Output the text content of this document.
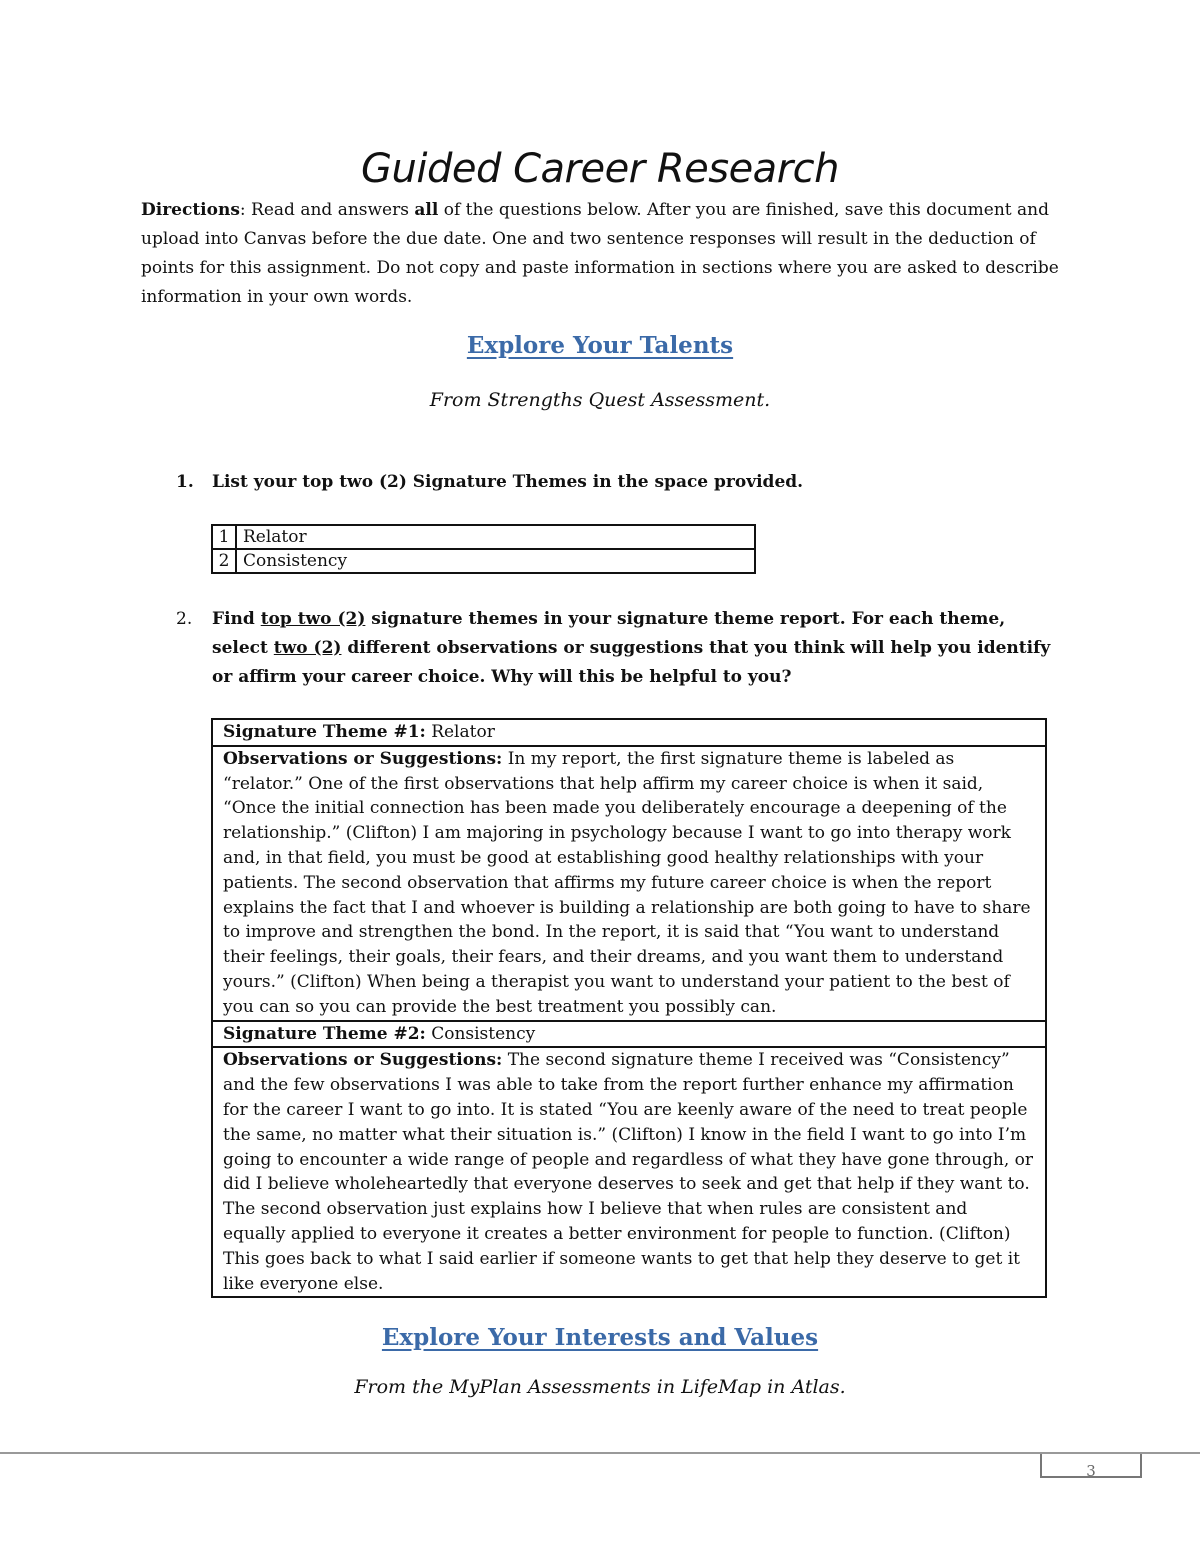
Guided Career Research
Directions: Read and answers all of the questions below. After you are finished, save this document and upload into Canvas before the due date. One and two sentence responses will result in the deduction of points for this assignment. Do not copy and paste information in sections where you are asked to describe information in your own words.
Explore Your Talents
From Strengths Quest Assessment.
1. List your top two (2) Signature Themes in the space provided.
1	Relator
2	Consistency
2. Find top two (2) signature themes in your signature theme report. For each theme, select two (2) different observations or suggestions that you think will help you identify or affirm your career choice. Why will this be helpful to you?
Signature Theme #1: Relator
Observations or Suggestions: In my report, the first signature theme is labeled as “relator.” One of the first observations that help affirm my career choice is when it said, “Once the initial connection has been made you deliberately encourage a deepening of the relationship.” (Clifton) I am majoring in psychology because I want to go into therapy work and, in that field, you must be good at establishing good healthy relationships with your patients. The second observation that affirms my future career choice is when the report explains the fact that I and whoever is building a relationship are both going to have to share to improve and strengthen the bond. In the report, it is said that “You want to understand their feelings, their goals, their fears, and their dreams, and you want them to understand yours.” (Clifton) When being a therapist you want to understand your patient to the best of you can so you can provide the best treatment you possibly can.
Signature Theme #2: Consistency
Observations or Suggestions: The second signature theme I received was “Consistency” and the few observations I was able to take from the report further enhance my affirmation for the career I want to go into. It is stated “You are keenly aware of the need to treat people the same, no matter what their situation is.” (Clifton) I know in the field I want to go into I’m going to encounter a wide range of people and regardless of what they have gone through, or did I believe wholeheartedly that everyone deserves to seek and get that help if they want to. The second observation just explains how I believe that when rules are consistent and equally applied to everyone it creates a better environment for people to function. (Clifton) This goes back to what I said earlier if someone wants to get that help they deserve to get it like everyone else.
Explore Your Interests and Values
From the MyPlan Assessments in LifeMap in Atlas.
3
